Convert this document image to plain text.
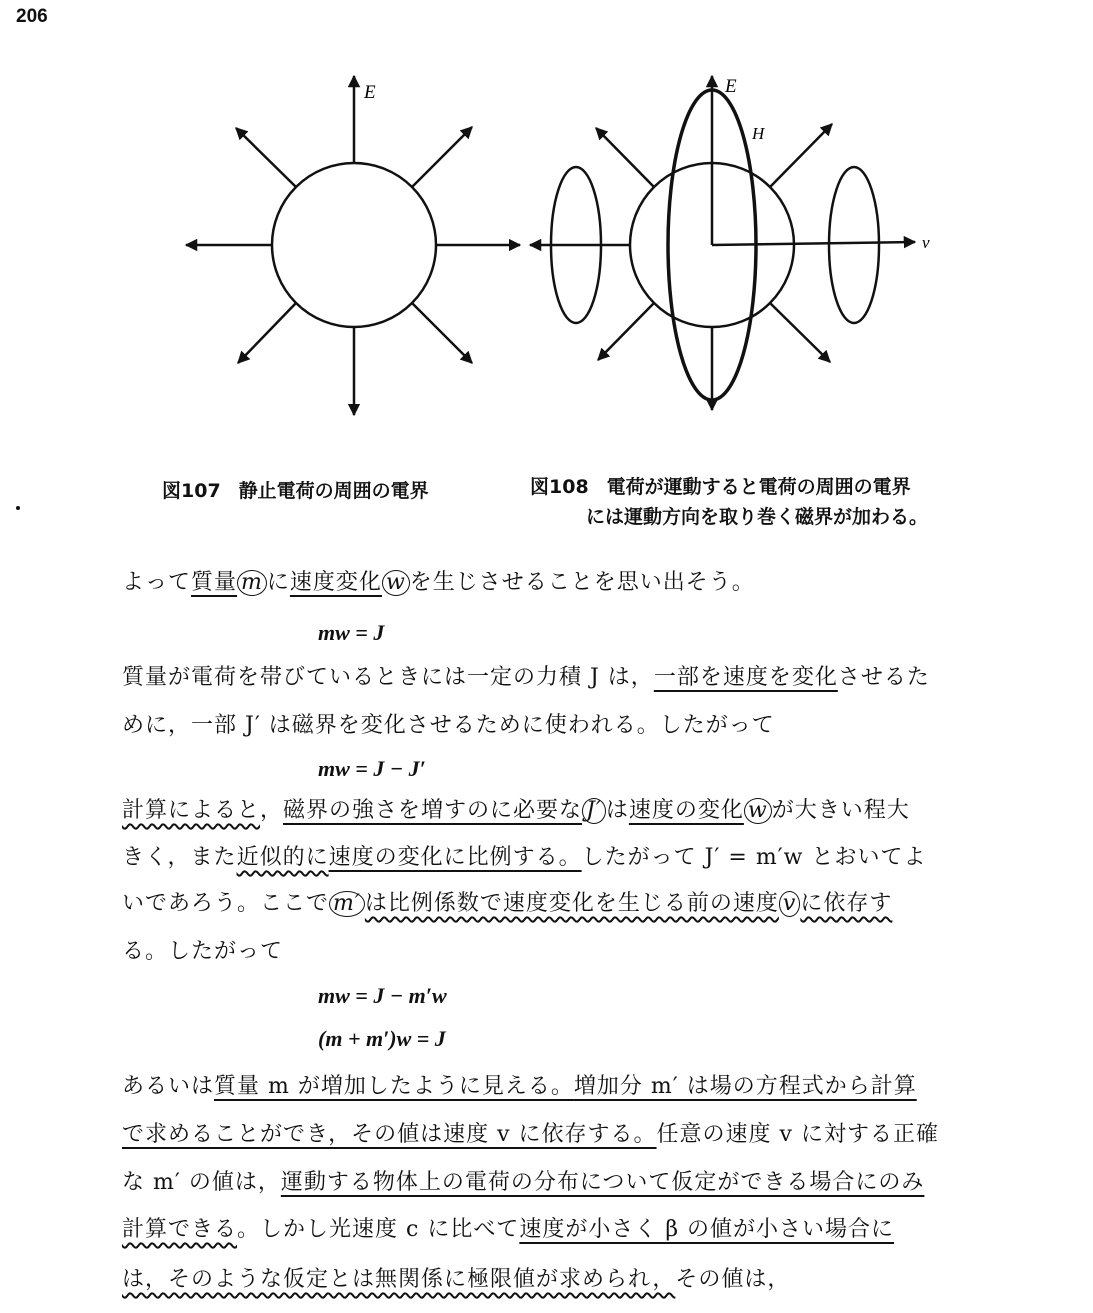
206
E	E
H
v
図107 静止電荷の周囲の電界	図108 電荷が運動すると電荷の周囲の電界
には運動方向を取り巻く磁界が加わる。
よって質量 m に速度変化 w を生じさせることを思い出そう。
mw = J
質量が電荷を帯びているときには一定の力積 J は，一部を速度を変化させるた
めに，一部 J′ は磁界を変化させるために使われる。したがって
mw = J − J′
計算によると，磁界の強さを増すのに必要な J′ は速度の変化 w が大きい程大
きく，また近似的に速度の変化に比例する。したがって J′ = m′w とおいてよ
いであろう。ここで m′ は比例係数で速度変化を生じる前の速度 v に依存す
る。したがって
mw = J − m′w
(m + m′)w = J
あるいは質量 m が増加したように見える。増加分 m′ は場の方程式から計算
で求めることができ，その値は速度 v に依存する。任意の速度 v に対する正確
な m′ の値は，運動する物体上の電荷の分布について仮定ができる場合にのみ
計算できる。しかし光速度 c に比べて速度が小さく β の値が小さい場合に
は，そのような仮定とは無関係に極限値が求められ，その値は，
